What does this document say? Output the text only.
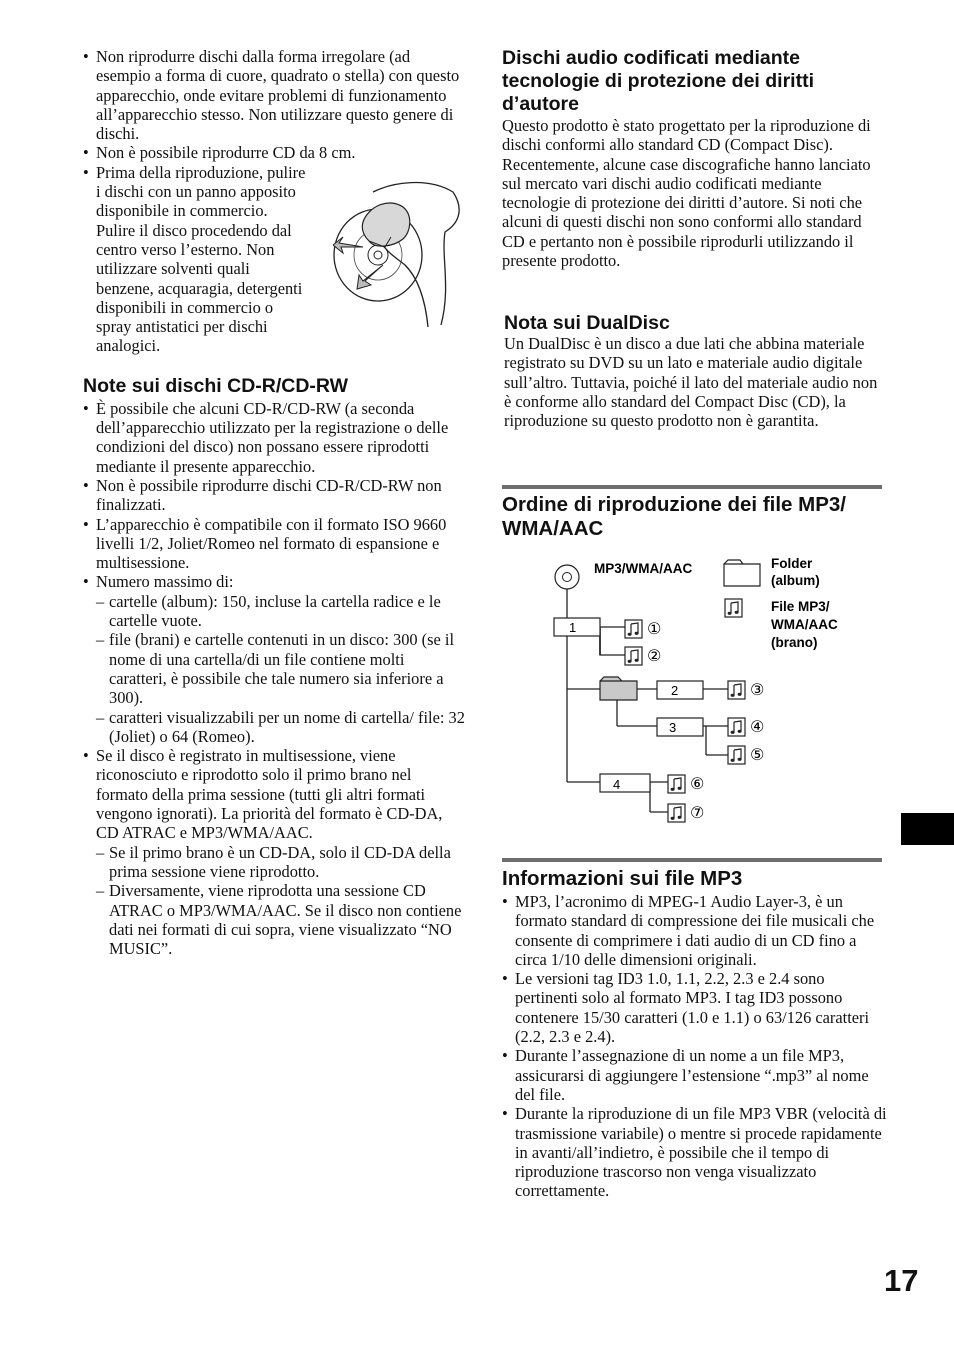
• Non riprodurre dischi dalla forma irregolare (ad esempio a forma di cuore, quadrato o stella) con questo apparecchio, onde evitare problemi di funzionamento all’apparecchio stesso. Non utilizzare questo genere di dischi.
• Non è possibile riprodurre CD da 8 cm.
• Prima della riproduzione, pulire
i dischi con un panno apposito
disponibile in commercio.
Pulire il disco procedendo dal
centro verso l’esterno. Non
utilizzare solventi quali
benzene, acquaragia, detergenti
disponibili in commercio o
spray antistatici per dischi
analogici.
Note sui dischi CD-R/CD-RW
• È possibile che alcuni CD-R/CD-RW (a seconda dell’apparecchio utilizzato per la registrazione o delle condizioni del disco) non possano essere riprodotti mediante il presente apparecchio.
• Non è possibile riprodurre dischi CD-R/CD-RW non finalizzati.
• L’apparecchio è compatibile con il formato ISO 9660 livelli 1/2, Joliet/Romeo nel formato di espansione e multisessione.
• Numero massimo di:
– cartelle (album): 150, incluse la cartella radice e le cartelle vuote.
– file (brani) e cartelle contenuti in un disco: 300 (se il nome di una cartella/di un file contiene molti caratteri, è possibile che tale numero sia inferiore a 300).
– caratteri visualizzabili per un nome di cartella/ file: 32 (Joliet) o 64 (Romeo).
• Se il disco è registrato in multisessione, viene riconosciuto e riprodotto solo il primo brano nel formato della prima sessione (tutti gli altri formati vengono ignorati). La priorità del formato è CD-DA, CD ATRAC e MP3/WMA/AAC.
– Se il primo brano è un CD-DA, solo il CD-DA della prima sessione viene riprodotto.
– Diversamente, viene riprodotta una sessione CD ATRAC o MP3/WMA/AAC. Se il disco non contiene dati nei formati di cui sopra, viene visualizzato “NO MUSIC”.
Dischi audio codificati mediante
tecnologie di protezione dei diritti
d’autore

Questo prodotto è stato progettato per la riproduzione di dischi conformi allo standard CD (Compact Disc).

Recentemente, alcune case discografiche hanno lanciato sul mercato vari dischi audio codificati mediante tecnologie di protezione dei diritti d’autore. Si noti che alcuni di questi dischi non sono conformi allo standard CD e pertanto non è possibile riprodurli utilizzando il presente prodotto.

Nota sui DualDisc

Un DualDisc è un disco a due lati che abbina materiale registrato su DVD su un lato e materiale audio digitale sull’altro. Tuttavia, poiché il lato del materiale audio non è conforme allo standard del Compact Disc (CD), la riproduzione su questo prodotto non è garantita.

Ordine di riproduzione dei file MP3/
WMA/AAC
MP3/WMA/AAC	Folder (album)
File MP3/ WMA/AAC (brano)
1	①
②
2	③
3	④
⑤
4	⑥
⑦
Informazioni sui file MP3
• MP3, l’acronimo di MPEG-1 Audio Layer-3, è un formato standard di compressione dei file musicali che consente di comprimere i dati audio di un CD fino a circa 1/10 delle dimensioni originali.
• Le versioni tag ID3 1.0, 1.1, 2.2, 2.3 e 2.4 sono pertinenti solo al formato MP3. I tag ID3 possono contenere 15/30 caratteri (1.0 e 1.1) o 63/126 caratteri (2.2, 2.3 e 2.4).
• Durante l’assegnazione di un nome a un file MP3, assicurarsi di aggiungere l’estensione “.mp3” al nome del file.
• Durante la riproduzione di un file MP3 VBR (velocità di trasmissione variabile) o mentre si procede rapidamente in avanti/all’indietro, è possibile che il tempo di riproduzione trascorso non venga visualizzato correttamente.
17
